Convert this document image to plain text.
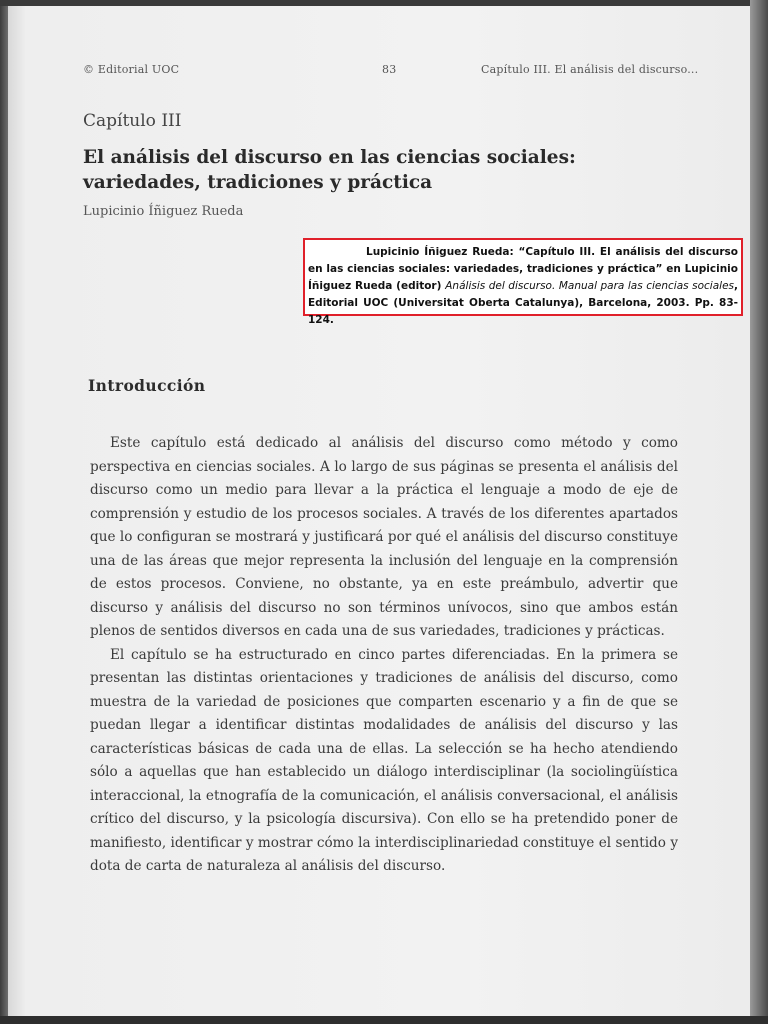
© Editorial UOC	83	Capítulo III. El análisis del discurso...
Capítulo III
El análisis del discurso en las ciencias sociales: variedades, tradiciones y práctica
Lupicinio Íñiguez Rueda
Lupicinio Íñiguez Rueda: “Capítulo III. El análisis del discurso en las ciencias sociales: variedades, tradiciones y práctica” en Lupicinio Íñiguez Rueda (editor) Análisis del discurso. Manual para las ciencias sociales, Editorial UOC (Universitat Oberta Catalunya), Barcelona, 2003. Pp. 83-124.
Introducción

Este capítulo está dedicado al análisis del discurso como método y como perspectiva en ciencias sociales. A lo largo de sus páginas se presenta el análisis del discurso como un medio para llevar a la práctica el lenguaje a modo de eje de comprensión y estudio de los procesos sociales. A través de los diferentes apartados que lo configuran se mostrará y justificará por qué el análisis del discurso constituye una de las áreas que mejor representa la inclusión del lenguaje en la comprensión de estos procesos. Conviene, no obstante, ya en este preámbulo, advertir que discurso y análisis del discurso no son términos unívocos, sino que ambos están plenos de sentidos diversos en cada una de sus variedades, tradiciones y prácticas.

El capítulo se ha estructurado en cinco partes diferenciadas. En la primera se presentan las distintas orientaciones y tradiciones de análisis del discurso, como muestra de la variedad de posiciones que comparten escenario y a fin de que se puedan llegar a identificar distintas modalidades de análisis del discurso y las características básicas de cada una de ellas. La selección se ha hecho atendiendo sólo a aquellas que han establecido un diálogo interdisciplinar (la sociolingüística interaccional, la etnografía de la comunicación, el análisis conversacional, el análisis crítico del discurso, y la psicología discursiva). Con ello se ha pretendido poner de manifiesto, identificar y mostrar cómo la interdisciplinariedad constituye el sentido y dota de carta de naturaleza al análisis del discurso.
